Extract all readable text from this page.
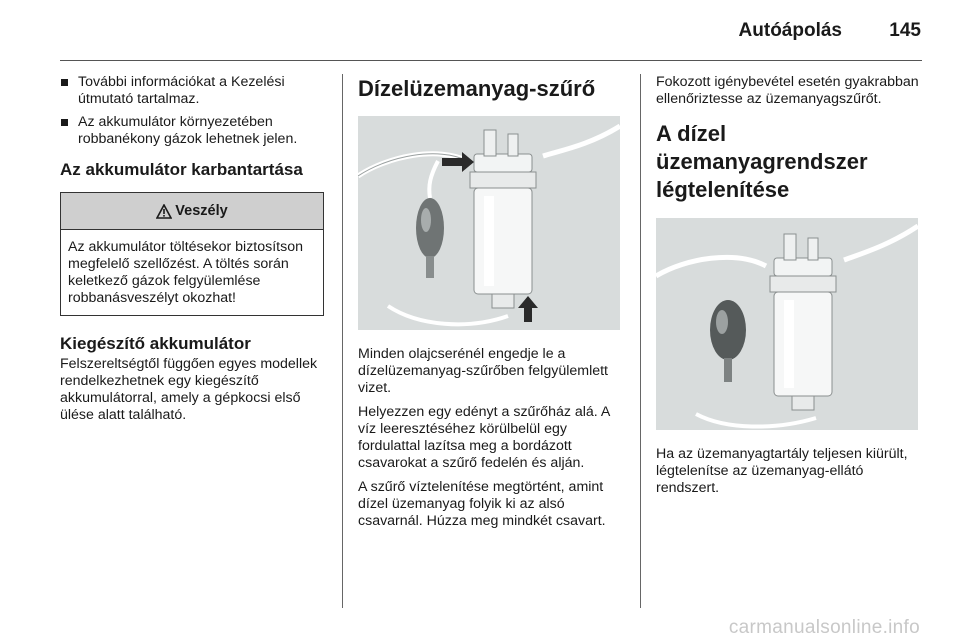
Autóápolás 145
További információkat a Kezelési útmutató tartalmaz.
Az akkumulátor környezetében robbanékony gázok lehetnek jelen.
Az akkumulátor karbantartása
Veszély
Az akkumulátor töltésekor biztosítson megfelelő szellőzést. A töltés során keletkező gázok felgyülemlése robbanásveszélyt okozhat!
Kiegészítő akkumulátor

Felszereltségtől függően egyes modellek rendelkezhetnek egy kiegészítő akkumulátorral, amely a gépkocsi első ülése alatt található.

Dízelüzemanyag-szűrő

Minden olajcserénél engedje le a dízelüzemanyag-szűrőben felgyülemlett vizet.

Helyezzen egy edényt a szűrőház alá. A víz leeresztéséhez körülbelül egy fordulattal lazítsa meg a bordázott csavarokat a szűrő fedelén és alján.

A szűrő víztelenítése megtörtént, amint dízel üzemanyag folyik ki az alsó csavarnál. Húzza meg mindkét csavart.

Fokozott igénybevétel esetén gyakrabban ellenőriztesse az üzemanyagszűrőt.

A dízel üzemanyagrendszer légtelenítése

Ha az üzemanyagtartály teljesen kiürült, légtelenítse az üzemanyag-ellátó rendszert.

carmanualsonline.info
